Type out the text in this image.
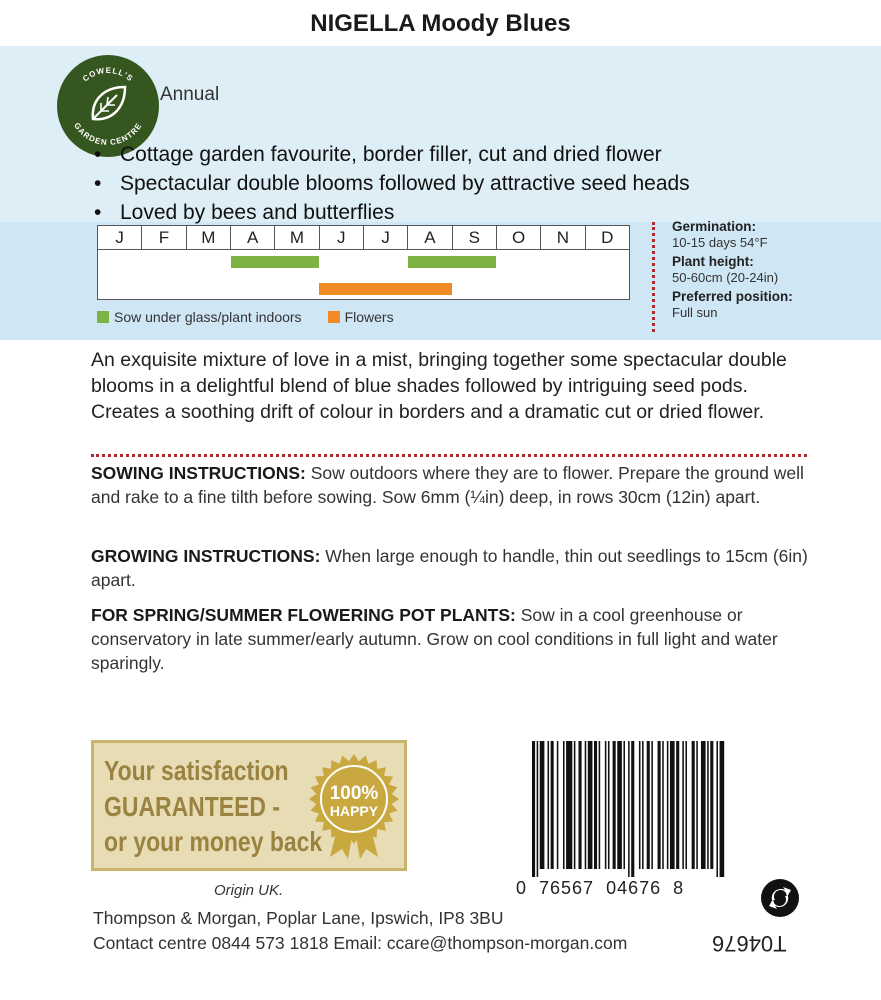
NIGELLA Moody Blues
COWELL'S
GARDEN CENTRE
Annual
• Cottage garden favourite, border filler, cut and dried flower
• Spectacular double blooms followed by attractive seed heads
• Loved by bees and butterflies
J	F	M	A	M	J	J	A	S	O	N	D
Sow under glass/plant indoors	Flowers
Germination:
10-15 days 54°F
Plant height:
50-60cm (20-24in)
Preferred position:
Full sun
An exquisite mixture of love in a mist, bringing together some spectacular double blooms in a delightful blend of blue shades followed by intriguing seed pods. Creates a soothing drift of colour in borders and a dramatic cut or dried flower.
SOWING INSTRUCTIONS: Sow outdoors where they are to flower. Prepare the ground well and rake to a fine tilth before sowing. Sow 6mm (¼in) deep, in rows 30cm (12in) apart.
GROWING INSTRUCTIONS: When large enough to handle, thin out seedlings to 15cm (6in) apart.
FOR SPRING/SUMMER FLOWERING POT PLANTS: Sow in a cool greenhouse or conservatory in late summer/early autumn. Grow on cool conditions in full light and water sparingly.
Your satisfaction
GUARANTEED -
or your money back
100%
HAPPY
0  76567  04676  8
T04676
Origin UK.
Thompson & Morgan, Poplar Lane, Ipswich, IP8 3BU
Contact centre 0844 573 1818 Email: ccare@thompson-morgan.com
